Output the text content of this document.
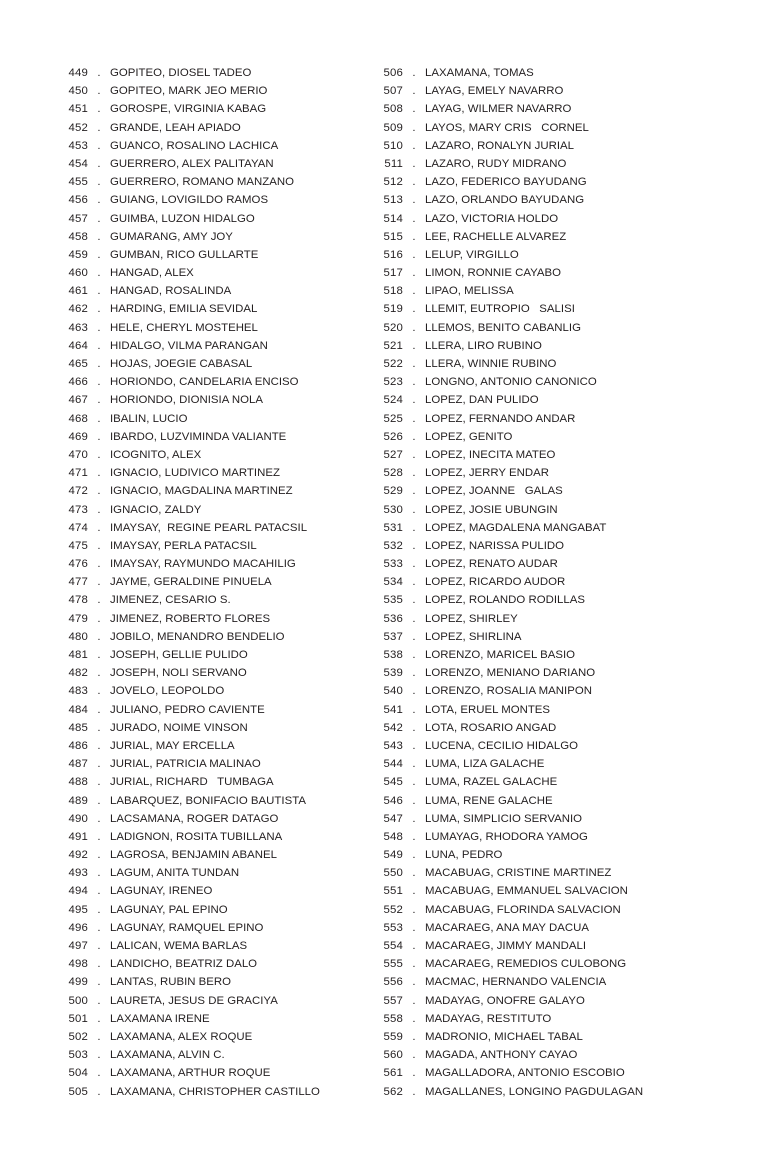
449 . GOPITEO, DIOSEL TADEO
450 . GOPITEO, MARK JEO MERIO
451 . GOROSPE, VIRGINIA KABAG
452 . GRANDE, LEAH APIADO
453 . GUANCO, ROSALINO LACHICA
454 . GUERRERO, ALEX PALITAYAN
455 . GUERRERO, ROMANO MANZANO
456 . GUIANG, LOVIGILDO RAMOS
457 . GUIMBA, LUZON HIDALGO
458 . GUMARANG, AMY JOY
459 . GUMBAN, RICO GULLARTE
460 . HANGAD, ALEX
461 . HANGAD, ROSALINDA
462 . HARDING, EMILIA SEVIDAL
463 . HELE, CHERYL MOSTEHEL
464 . HIDALGO, VILMA PARANGAN
465 . HOJAS, JOEGIE CABASAL
466 . HORIONDO, CANDELARIA ENCISO
467 . HORIONDO, DIONISIA NOLA
468 . IBALIN, LUCIO
469 . IBARDO, LUZVIMINDA VALIANTE
470 . ICOGNITO, ALEX
471 . IGNACIO, LUDIVICO MARTINEZ
472 . IGNACIO, MAGDALINA MARTINEZ
473 . IGNACIO, ZALDY
474 . IMAYSAY,  REGINE PEARL PATACSIL
475 . IMAYSAY, PERLA PATACSIL
476 . IMAYSAY, RAYMUNDO MACAHILIG
477 . JAYME, GERALDINE PINUELA
478 . JIMENEZ, CESARIO S.
479 . JIMENEZ, ROBERTO FLORES
480 . JOBILO, MENANDRO BENDELIO
481 . JOSEPH, GELLIE PULIDO
482 . JOSEPH, NOLI SERVANO
483 . JOVELO, LEOPOLDO
484 . JULIANO, PEDRO CAVIENTE
485 . JURADO, NOIME VINSON
486 . JURIAL, MAY ERCELLA
487 . JURIAL, PATRICIA MALINAO
488 . JURIAL, RICHARD   TUMBAGA
489 . LABARQUEZ, BONIFACIO BAUTISTA
490 . LACSAMANA, ROGER DATAGO
491 . LADIGNON, ROSITA TUBILLANA
492 . LAGROSA, BENJAMIN ABANEL
493 . LAGUM, ANITA TUNDAN
494 . LAGUNAY, IRENEO
495 . LAGUNAY, PAL EPINO
496 . LAGUNAY, RAMQUEL EPINO
497 . LALICAN, WEMA BARLAS
498 . LANDICHO, BEATRIZ DALO
499 . LANTAS, RUBIN BERO
500 . LAURETA, JESUS DE GRACIYA
501 . LAXAMANA IRENE
502 . LAXAMANA, ALEX ROQUE
503 . LAXAMANA, ALVIN C.
504 . LAXAMANA, ARTHUR ROQUE
505 . LAXAMANA, CHRISTOPHER CASTILLO
506 . LAXAMANA, TOMAS
507 . LAYAG, EMELY NAVARRO
508 . LAYAG, WILMER NAVARRO
509 . LAYOS, MARY CRIS   CORNEL
510 . LAZARO, RONALYN JURIAL
511 . LAZARO, RUDY MIDRANO
512 . LAZO, FEDERICO BAYUDANG
513 . LAZO, ORLANDO BAYUDANG
514 . LAZO, VICTORIA HOLDO
515 . LEE, RACHELLE ALVAREZ
516 . LELUP, VIRGILLO
517 . LIMON, RONNIE CAYABO
518 . LIPAO, MELISSA
519 . LLEMIT, EUTROPIO   SALISI
520 . LLEMOS, BENITO CABANLIG
521 . LLERA, LIRO RUBINO
522 . LLERA, WINNIE RUBINO
523 . LONGNO, ANTONIO CANONICO
524 . LOPEZ, DAN PULIDO
525 . LOPEZ, FERNANDO ANDAR
526 . LOPEZ, GENITO
527 . LOPEZ, INECITA MATEO
528 . LOPEZ, JERRY ENDAR
529 . LOPEZ, JOANNE   GALAS
530 . LOPEZ, JOSIE UBUNGIN
531 . LOPEZ, MAGDALENA MANGABAT
532 . LOPEZ, NARISSA PULIDO
533 . LOPEZ, RENATO AUDAR
534 . LOPEZ, RICARDO AUDOR
535 . LOPEZ, ROLANDO RODILLAS
536 . LOPEZ, SHIRLEY
537 . LOPEZ, SHIRLINA
538 . LORENZO, MARICEL BASIO
539 . LORENZO, MENIANO DARIANO
540 . LORENZO, ROSALIA MANIPON
541 . LOTA, ERUEL MONTES
542 . LOTA, ROSARIO ANGAD
543 . LUCENA, CECILIO HIDALGO
544 . LUMA, LIZA GALACHE
545 . LUMA, RAZEL GALACHE
546 . LUMA, RENE GALACHE
547 . LUMA, SIMPLICIO SERVANIO
548 . LUMAYAG, RHODORA YAMOG
549 . LUNA, PEDRO
550 . MACABUAG, CRISTINE MARTINEZ
551 . MACABUAG, EMMANUEL SALVACION
552 . MACABUAG, FLORINDA SALVACION
553 . MACARAEG, ANA MAY DACUA
554 . MACARAEG, JIMMY MANDALI
555 . MACARAEG, REMEDIOS CULOBONG
556 . MACMAC, HERNANDO VALENCIA
557 . MADAYAG, ONOFRE GALAYO
558 . MADAYAG, RESTITUTO
559 . MADRONIO, MICHAEL TABAL
560 . MAGADA, ANTHONY CAYAO
561 . MAGALLADORA, ANTONIO ESCOBIO
562 . MAGALLANES, LONGINO PAGDULAGAN
